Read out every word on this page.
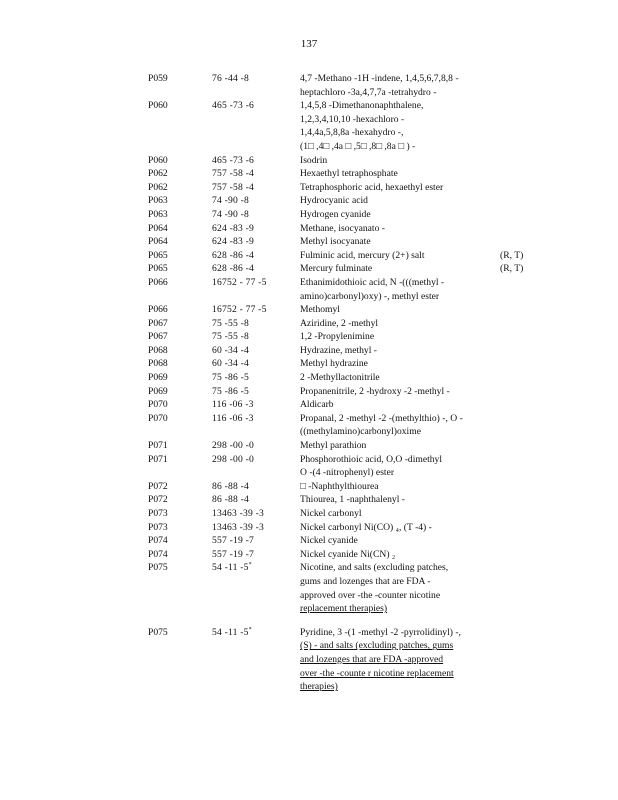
137
P059	76 -44 -8	4,7 -Methano -1H -indene, 1,4,5,6,7,8,8 -
heptachloro -3a,4,7,7a -tetrahydro -
P060	465 -73 -6	1,4,5,8 -Dimethanonaphthalene,
1,2,3,4,10,10 -hexachloro -
1,4,4a,5,8,8a -hexahydro -,
(1□ ,4□ ,4a □ ,5□ ,8□ ,8a □ ) -
P060	465 -73 -6	Isodrin
P062	757 -58 -4	Hexaethyl tetraphosphate
P062	757 -58 -4	Tetraphosphoric acid, hexaethyl ester
P063	74 -90 -8	Hydrocyanic acid
P063	74 -90 -8	Hydrogen cyanide
P064	624 -83 -9	Methane, isocyanato -
P064	624 -83 -9	Methyl isocyanate
P065	628 -86 -4	Fulminic acid, mercury (2+) salt	(R, T)
P065	628 -86 -4	Mercury fulminate	(R, T)
P066	16752 - 77 -5	Ethanimidothioic acid, N -(((methyl -
amino)carbonyl)oxy) -, methyl ester
P066	16752 - 77 -5	Methomyl
P067	75 -55 -8	Aziridine, 2 -methyl
P067	75 -55 -8	1,2 -Propylenimine
P068	60 -34 -4	Hydrazine, methyl -
P068	60 -34 -4	Methyl hydrazine
P069	75 -86 -5	2 -Methyllactonitrile
P069	75 -86 -5	Propanenitrile, 2 -hydroxy -2 -methyl -
P070	116 -06 -3	Aldicarb
P070	116 -06 -3	Propanal, 2 -methyl -2 -(methylthio) -, O -
((methylamino)carbonyl)oxime
P071	298 -00 -0	Methyl parathion
P071	298 -00 -0	Phosphorothioic acid, O,O -dimethyl
O -(4 -nitrophenyl) ester
P072	86 -88 -4	□ -Naphthylthiourea
P072	86 -88 -4	Thiourea, 1 -naphthalenyl -
P073	13463 -39 -3	Nickel carbonyl
P073	13463 -39 -3	Nickel carbonyl Ni(CO) ₄, (T -4) -
P074	557 -19 -7	Nickel cyanide
P074	557 -19 -7	Nickel cyanide Ni(CN) ₂
P075	54 -11 -5*	Nicotine, and salts (excluding patches,
gums and lozenges that are FDA -
approved over -the -counter nicotine
replacement therapies)
P075	54 -11 -5*	Pyridine, 3 -(1 -methyl -2 -pyrrolidinyl) -,
(S) - and salts (excluding patches, gums
and lozenges that are FDA -approved
over -the -counte r nicotine replacement
therapies)
